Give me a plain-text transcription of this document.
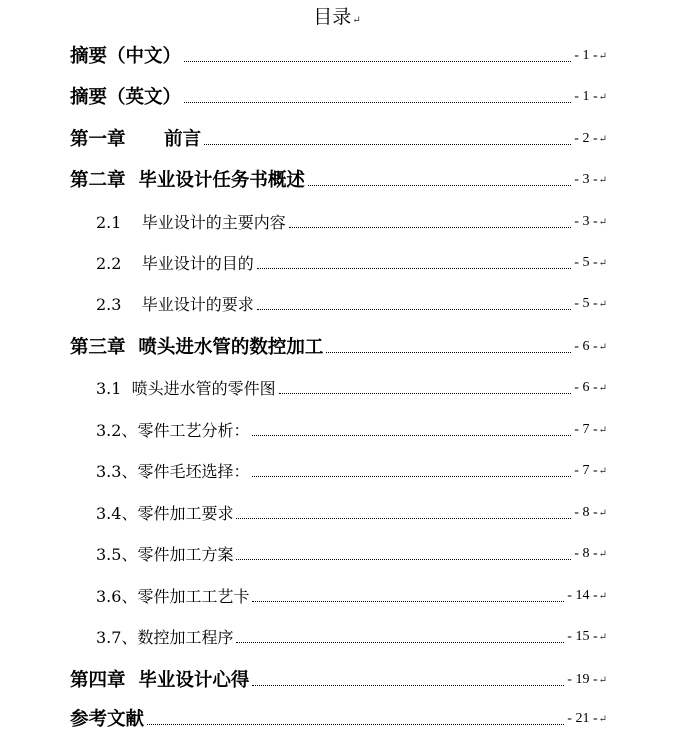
目录↵
摘要（中文）	- 1 -↵
摘要（英文）	- 1 -↵
第一章      前言	- 2 -↵
第二章  毕业设计任务书概述	- 3 -↵
2.1    毕业设计的主要内容	- 3 -↵
2.2    毕业设计的目的	- 5 -↵
2.3    毕业设计的要求	- 5 -↵
第三章  喷头进水管的数控加工	- 6 -↵
3.1  喷头进水管的零件图	- 6 -↵
3.2、零件工艺分析：	- 7 -↵
3.3、零件毛坯选择：	- 7 -↵
3.4、零件加工要求	- 8 -↵
3.5、零件加工方案	- 8 -↵
3.6、零件加工工艺卡	- 14 -↵
3.7、数控加工程序	- 15 -↵
第四章  毕业设计心得	- 19 -↵
参考文献	- 21 -↵
